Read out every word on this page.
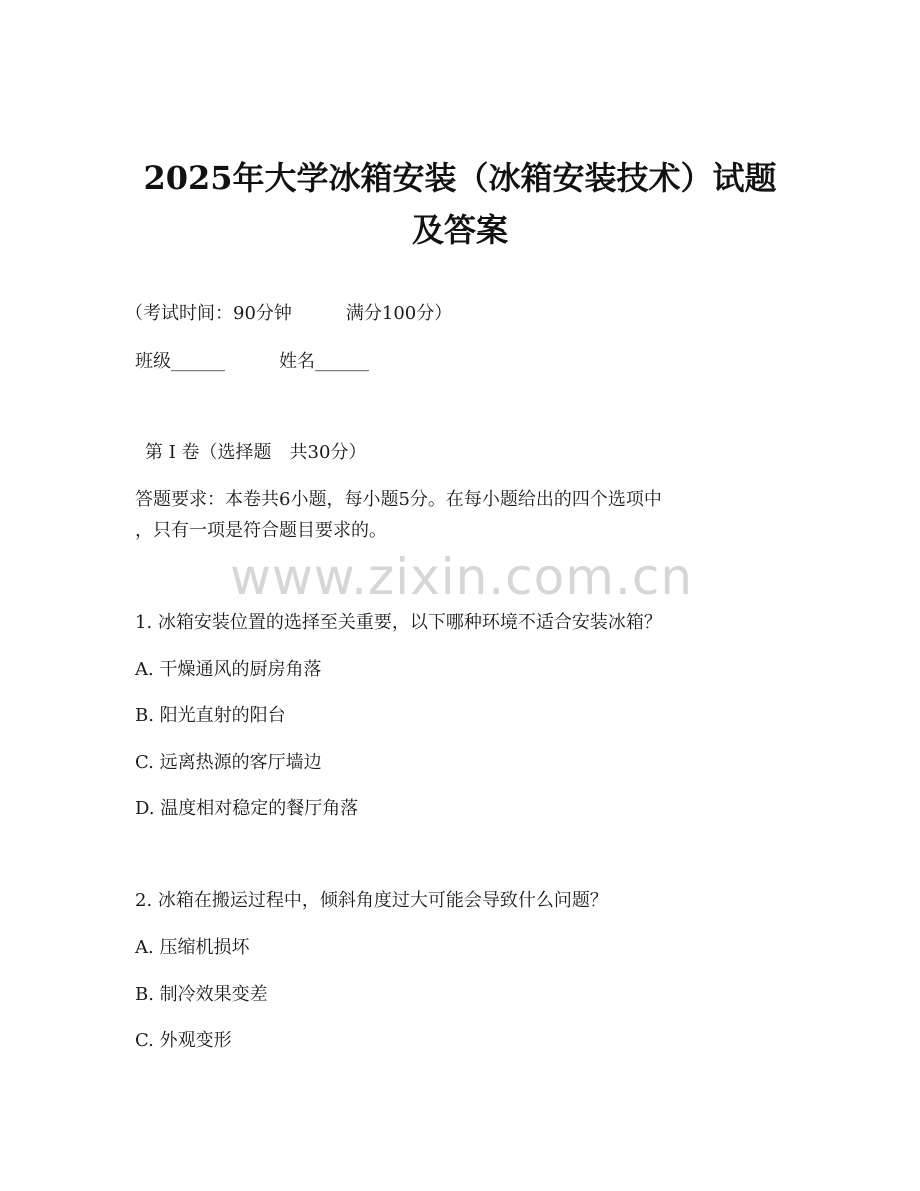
2025年大学冰箱安装（冰箱安装技术）试题
及答案
（考试时间：90分钟　　　满分100分）
班级______　　　姓名______
第 I 卷（选择题　共30分）
答题要求：本卷共6小题，每小题5分。在每小题给出的四个选项中
，只有一项是符合题目要求的。
www.zixin.com.cn
1. 冰箱安装位置的选择至关重要，以下哪种环境不适合安装冰箱？
A. 干燥通风的厨房角落
B. 阳光直射的阳台
C. 远离热源的客厅墙边
D. 温度相对稳定的餐厅角落
2. 冰箱在搬运过程中，倾斜角度过大可能会导致什么问题？
A. 压缩机损坏
B. 制冷效果变差
C. 外观变形
